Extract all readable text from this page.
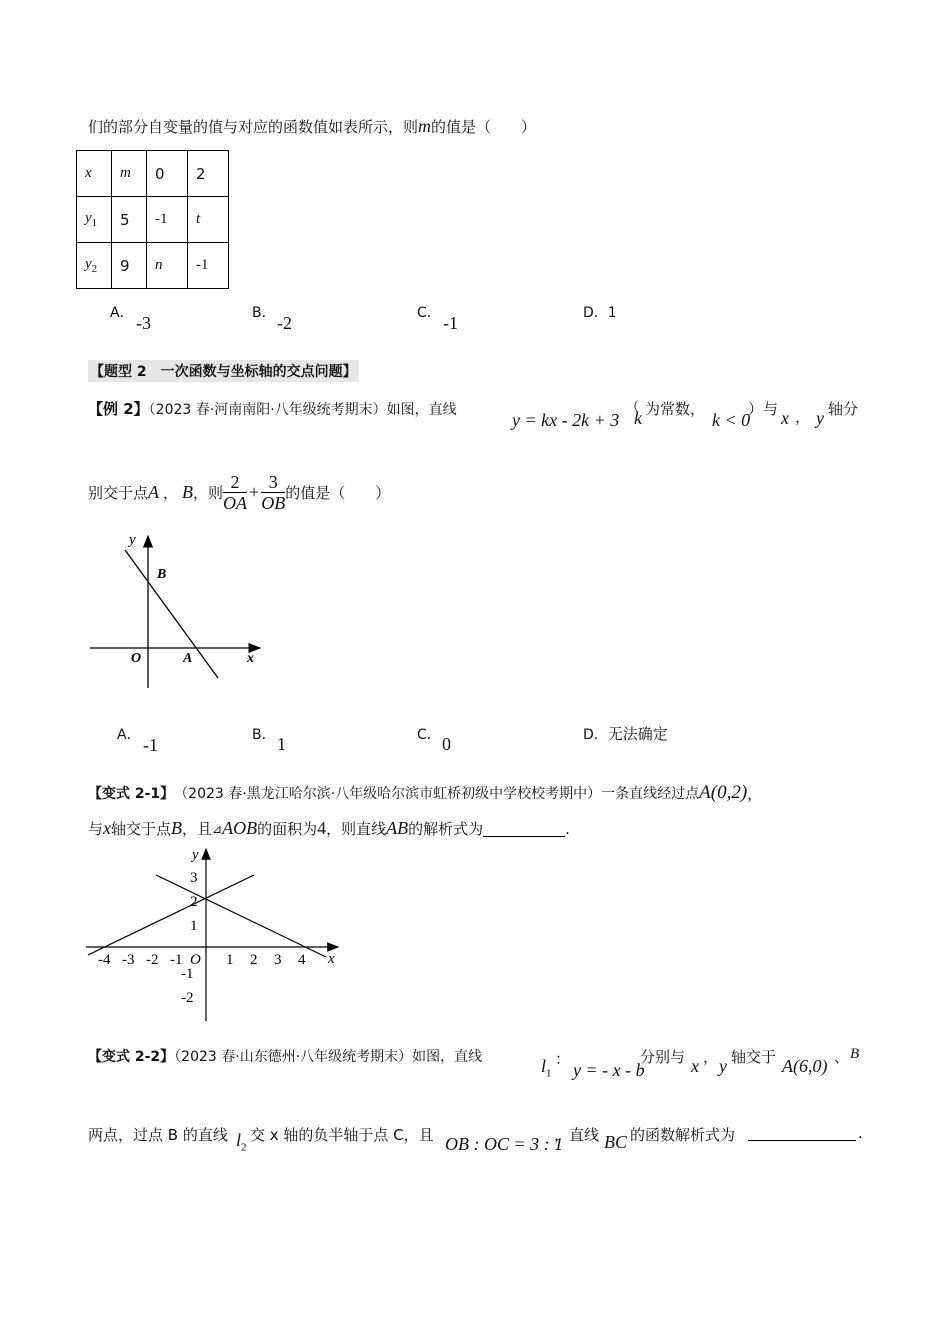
们的部分自变量的值与对应的函数值如表所示，则m的值是（　　）
x	m	0	2
$y_1$	5	-1	t
$y_2$	9	n	-1
A． -3	B． -2	C． -1	D．1
【题型 2　一次函数与坐标轴的交点问题】
【例 2】（2023 春·河南南阳·八年级统考期末）如图，直线	y = kx - 2k + 3
（
k 为常数，
k < 0
）与 x ， y 轴分
别交于点 A ， B ，则 $\frac{2}{OA} + \frac{3}{OB}$ 的值是（　　）
y
B
O	A	x
A． -1	B． 1	C． 0	D．无法确定
【变式 2-1】 （2023 春·黑龙江哈尔滨·八年级哈尔滨市虹桥初级中学校校考期中）一条直线经过点 A(0,2) ，
与 x 轴交于点 B ，且 ⊿ AOB 的面积为 4 ，则直线 AB 的解析式为	.
y
x
O
3
2
1
-1
-2
-4 -3 -2 -1	1 2 3 4
【变式 2-2】（2023 春·山东德州·八年级统考期末）如图，直线	$l_1$
：
y = - x - b
分别与 x ， y 轴交于 A(6,0) 、 B
两点，过点 B 的直线 $l_2$
交 x 轴的负半轴于点 C，且 OB : OC = 3 : 1
，直线 BC 的函数解析式为	.
